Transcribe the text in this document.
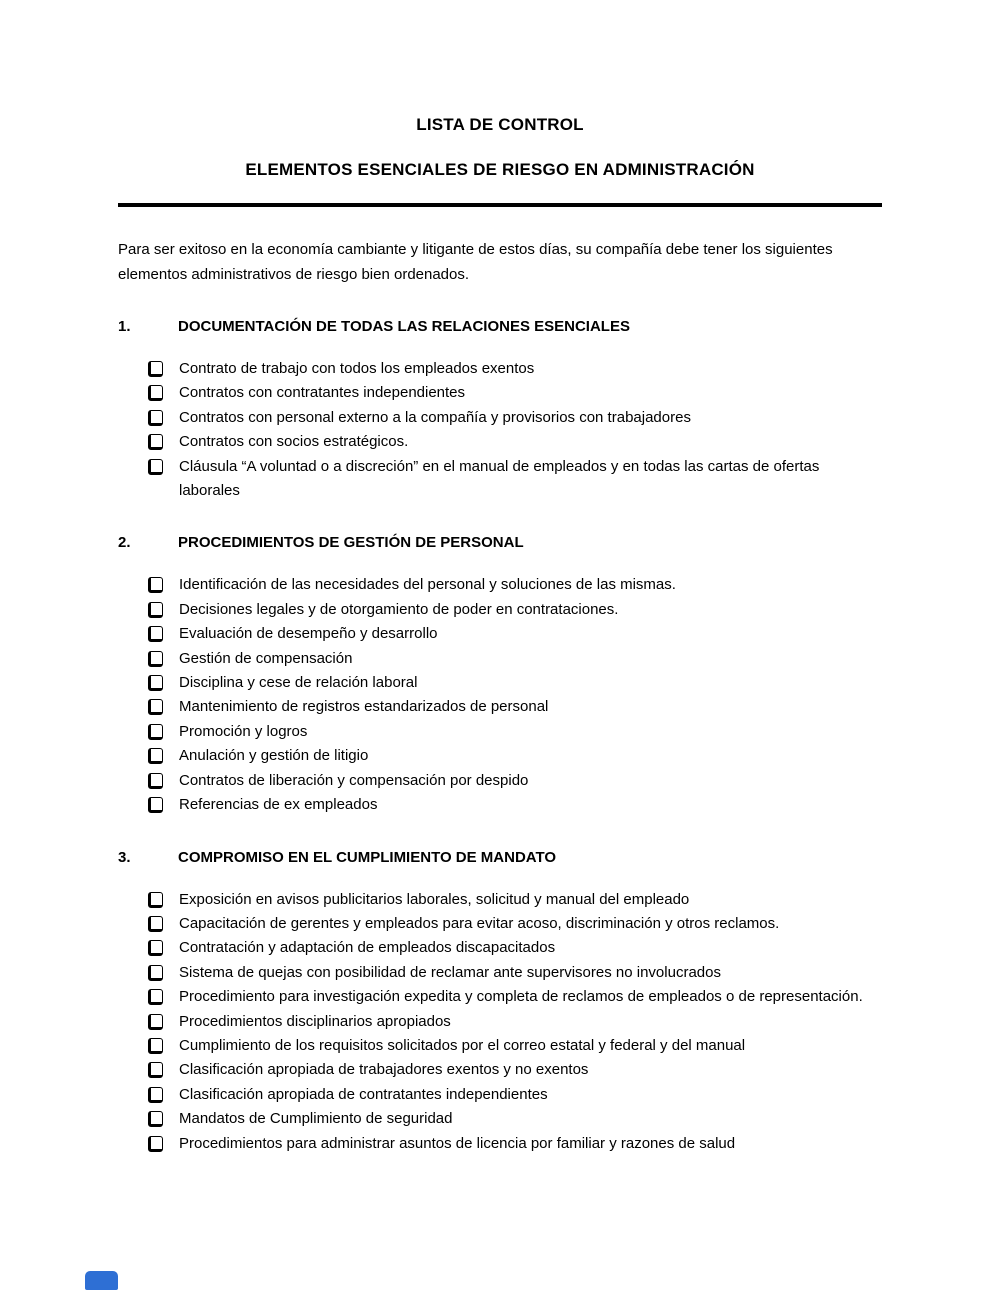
LISTA DE CONTROL
ELEMENTOS ESENCIALES DE RIESGO EN ADMINISTRACIÓN

Para ser exitoso en la economía cambiante y litigante de estos días, su compañía debe tener los siguientes elementos administrativos de riesgo bien ordenados.

1.	DOCUMENTACIÓN DE TODAS LAS RELACIONES ESENCIALES
Contrato de trabajo con todos los empleados exentos
Contratos con contratantes independientes
Contratos con personal externo a la compañía y provisorios con trabajadores
Contratos con socios estratégicos.
Cláusula “A voluntad o a discreción” en el manual de empleados y en todas las cartas de ofertas laborales
2.	PROCEDIMIENTOS DE GESTIÓN DE PERSONAL
Identificación de las necesidades del personal y soluciones de las mismas.
Decisiones legales y de otorgamiento de poder en contrataciones.
Evaluación de desempeño y desarrollo
Gestión de compensación
Disciplina y cese de relación laboral
Mantenimiento de registros estandarizados de personal
Promoción y logros
Anulación y gestión de litigio
Contratos de liberación y compensación por despido
Referencias de ex empleados
3.	COMPROMISO EN EL CUMPLIMIENTO DE MANDATO
Exposición en avisos publicitarios laborales, solicitud y manual del empleado
Capacitación de gerentes y empleados para evitar acoso, discriminación y otros reclamos.
Contratación y adaptación de empleados discapacitados
Sistema de quejas con posibilidad de reclamar ante supervisores no involucrados
Procedimiento para investigación expedita y completa de reclamos de empleados o de representación.
Procedimientos disciplinarios apropiados
Cumplimiento de los requisitos solicitados por el correo estatal y federal y del manual
Clasificación apropiada de trabajadores exentos y no exentos
Clasificación apropiada de contratantes independientes
Mandatos de Cumplimiento de seguridad
Procedimientos para administrar asuntos de licencia por familiar y razones de salud
